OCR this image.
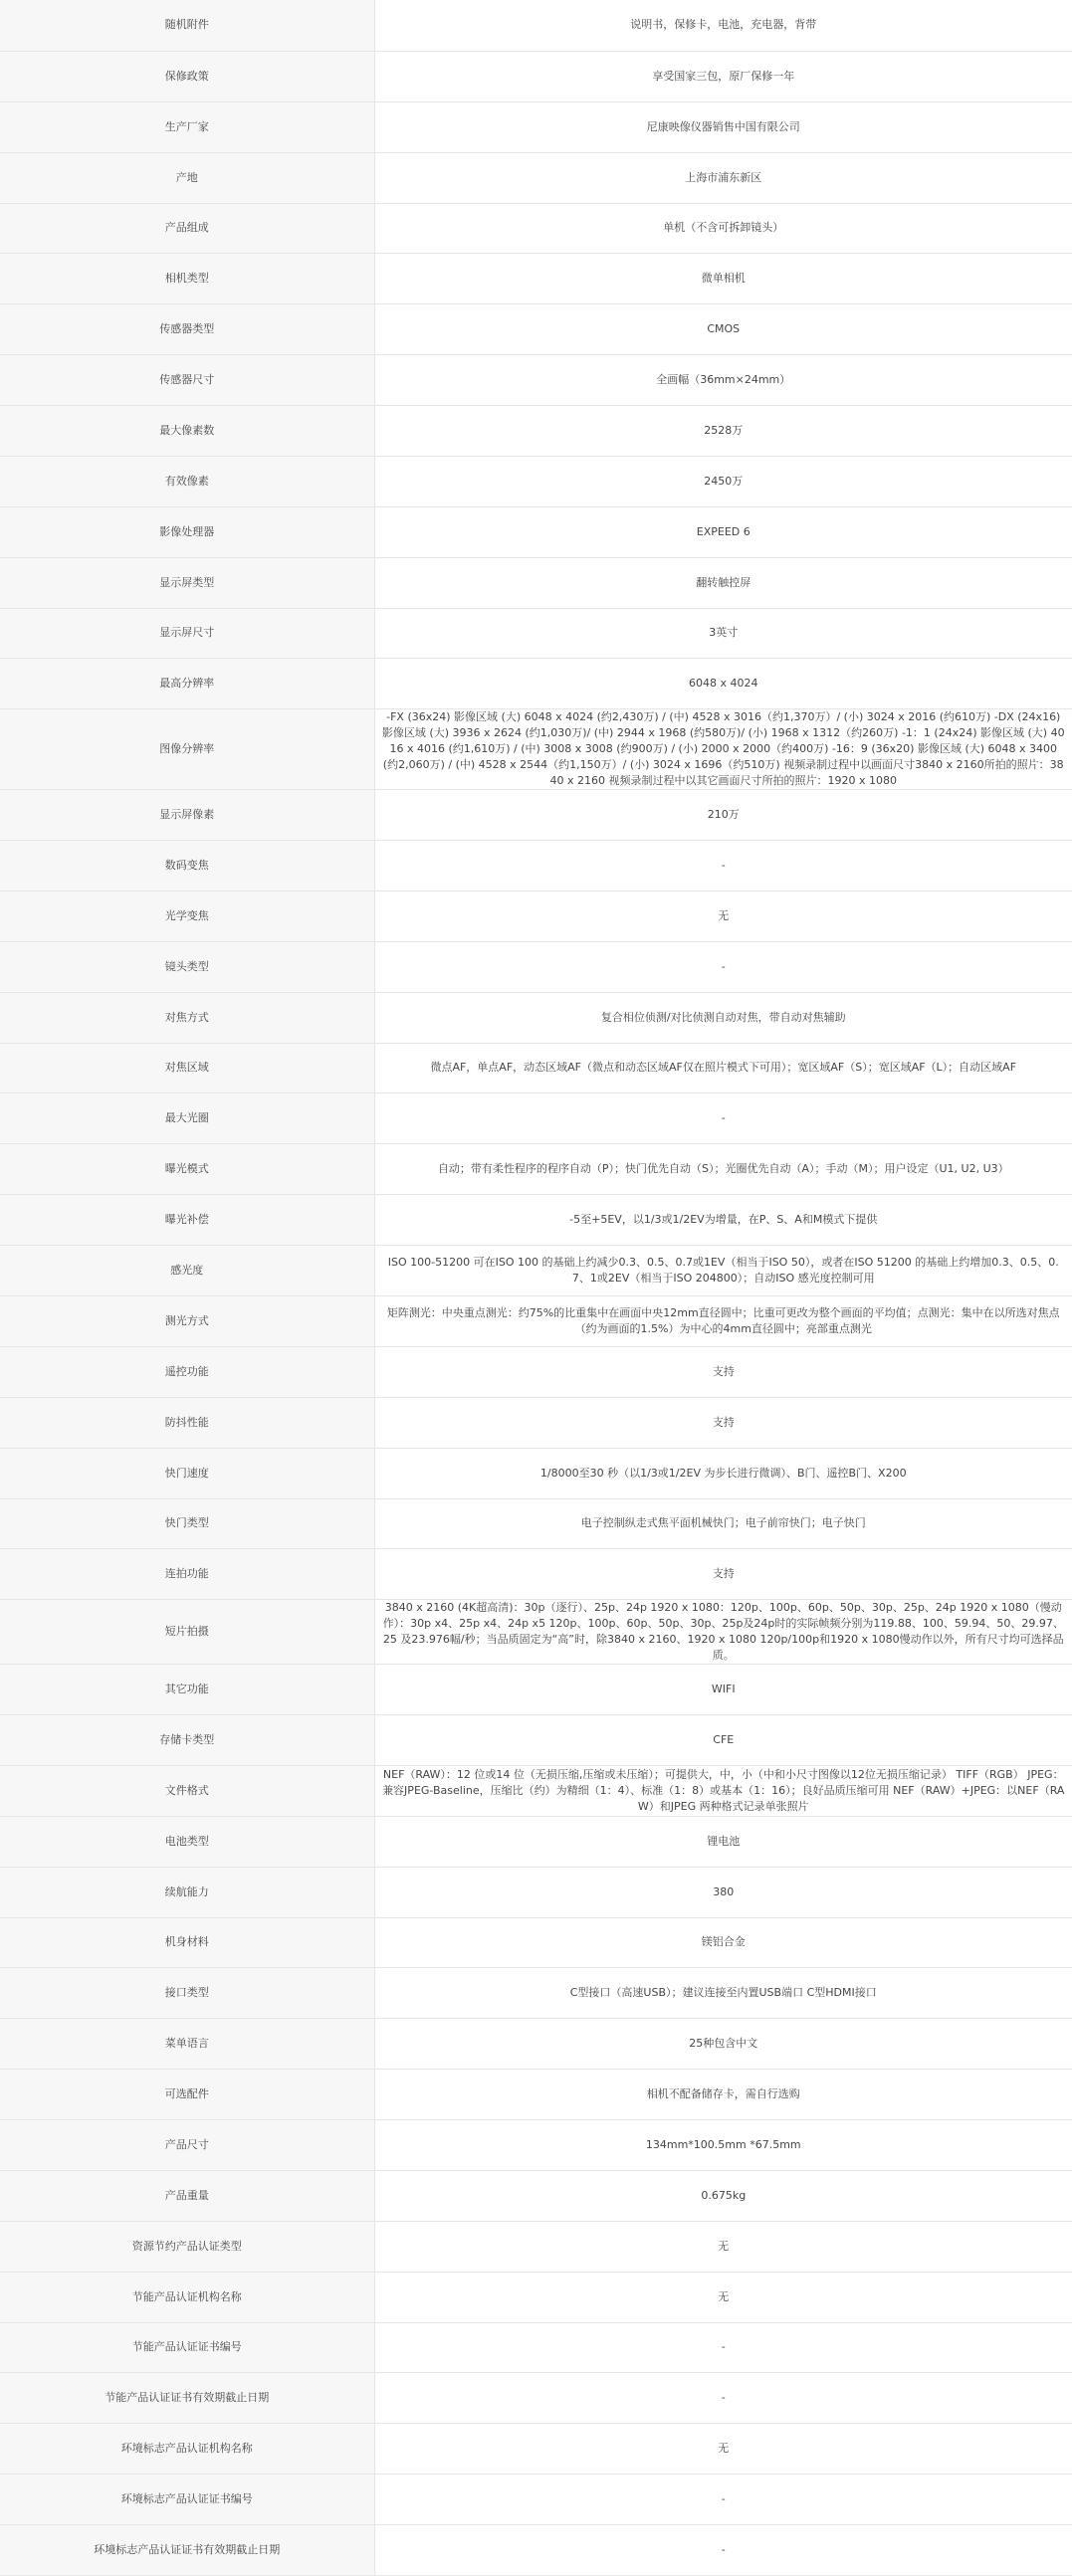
随机附件	说明书，保修卡，电池，充电器，背带
保修政策	享受国家三包，原厂保修一年
生产厂家	尼康映像仪器销售中国有限公司
产地	上海市浦东新区
产品组成	单机（不含可拆卸镜头）
相机类型	微单相机
传感器类型	CMOS
传感器尺寸	全画幅（36mm×24mm）
最大像素数	2528万
有效像素	2450万
影像处理器	EXPEED 6
显示屏类型	翻转触控屏
显示屏尺寸	3英寸
最高分辨率	6048 x 4024
图像分辨率	-FX (36x24) 影像区域 (大) 6048 x 4024 (约2,430万) / (中) 4528 x 3016（约1,370万）/ (小) 3024 x 2016 (约610万) -DX (24x16) 影像区域 (大) 3936 x 2624 (约1,030万)/ (中) 2944 x 1968 (约580万)/ (小) 1968 x 1312（约260万) -1：1 (24x24) 影像区域 (大) 4016 x 4016 (约1,610万) / (中) 3008 x 3008 (约900万) / (小) 2000 x 2000（约400万) -16：9 (36x20) 影像区域 (大) 6048 x 3400 (约2,060万) / (中) 4528 x 2544（约1,150万）/ (小) 3024 x 1696（约510万) 视频录制过程中以画面尺寸3840 x 2160所拍的照片：3840 x 2160 视频录制过程中以其它画面尺寸所拍的照片：1920 x 1080
显示屏像素	210万
数码变焦	-
光学变焦	无
镜头类型	-
对焦方式	复合相位侦测/对比侦测自动对焦，带自动对焦辅助
对焦区域	微点AF，单点AF，动态区域AF（微点和动态区域AF仅在照片模式下可用）；宽区域AF（S）；宽区域AF（L）；自动区域AF
最大光圈	-
曝光模式	自动；带有柔性程序的程序自动（P）；快门优先自动（S）；光圈优先自动（A）；手动（M）；用户设定（U1, U2, U3）
曝光补偿	-5至+5EV，以1/3或1/2EV为增量，在P、S、A和M模式下提供
感光度	ISO 100-51200 可在ISO 100 的基础上约减少0.3、0.5、0.7或1EV（相当于ISO 50），或者在ISO 51200 的基础上约增加0.3、0.5、0.7、1或2EV（相当于ISO 204800）；自动ISO 感光度控制可用
测光方式	矩阵测光：中央重点测光：约75%的比重集中在画面中央12mm直径圆中；比重可更改为整个画面的平均值；点测光：集中在以所选对焦点（约为画面的1.5%）为中心的4mm直径圆中；亮部重点测光
遥控功能	支持
防抖性能	支持
快门速度	1/8000至30 秒（以1/3或1/2EV 为步长进行微调）、B门、遥控B门、X200
快门类型	电子控制纵走式焦平面机械快门；电子前帘快门；电子快门
连拍功能	支持
短片拍摄	3840 x 2160 (4K超高清)：30p（逐行）、25p、24p 1920 x 1080：120p、100p、60p、50p、30p、25p、24p 1920 x 1080（慢动作）：30p x4、25p x4、24p x5 120p、100p、60p、50p、30p、25p及24p时的实际帧频分别为119.88、100、59.94、50、29.97、25 及23.976幅/秒；当品质固定为“高”时，除3840 x 2160、1920 x 1080 120p/100p和1920 x 1080慢动作以外，所有尺寸均可选择品质。
其它功能	WIFI
存储卡类型	CFE
文件格式	NEF（RAW）：12 位或14 位（无损压缩,压缩或未压缩）；可提供大，中，小（中和小尺寸图像以12位无损压缩记录） TIFF（RGB） JPEG：兼容JPEG-Baseline，压缩比（约）为精细（1：4）、标准（1：8）或基本（1：16）；良好品质压缩可用 NEF（RAW）+JPEG：以NEF（RAW）和JPEG 两种格式记录单张照片
电池类型	锂电池
续航能力	380
机身材料	镁铝合金
接口类型	C型接口（高速USB）；建议连接至内置USB端口 C型HDMI接口
菜单语言	25种包含中文
可选配件	相机不配备储存卡，需自行选购
产品尺寸	134mm*100.5mm *67.5mm
产品重量	0.675kg
资源节约产品认证类型	无
节能产品认证机构名称	无
节能产品认证证书编号	-
节能产品认证证书有效期截止日期	-
环境标志产品认证机构名称	无
环境标志产品认证证书编号	-
环境标志产品认证证书有效期截止日期	-
